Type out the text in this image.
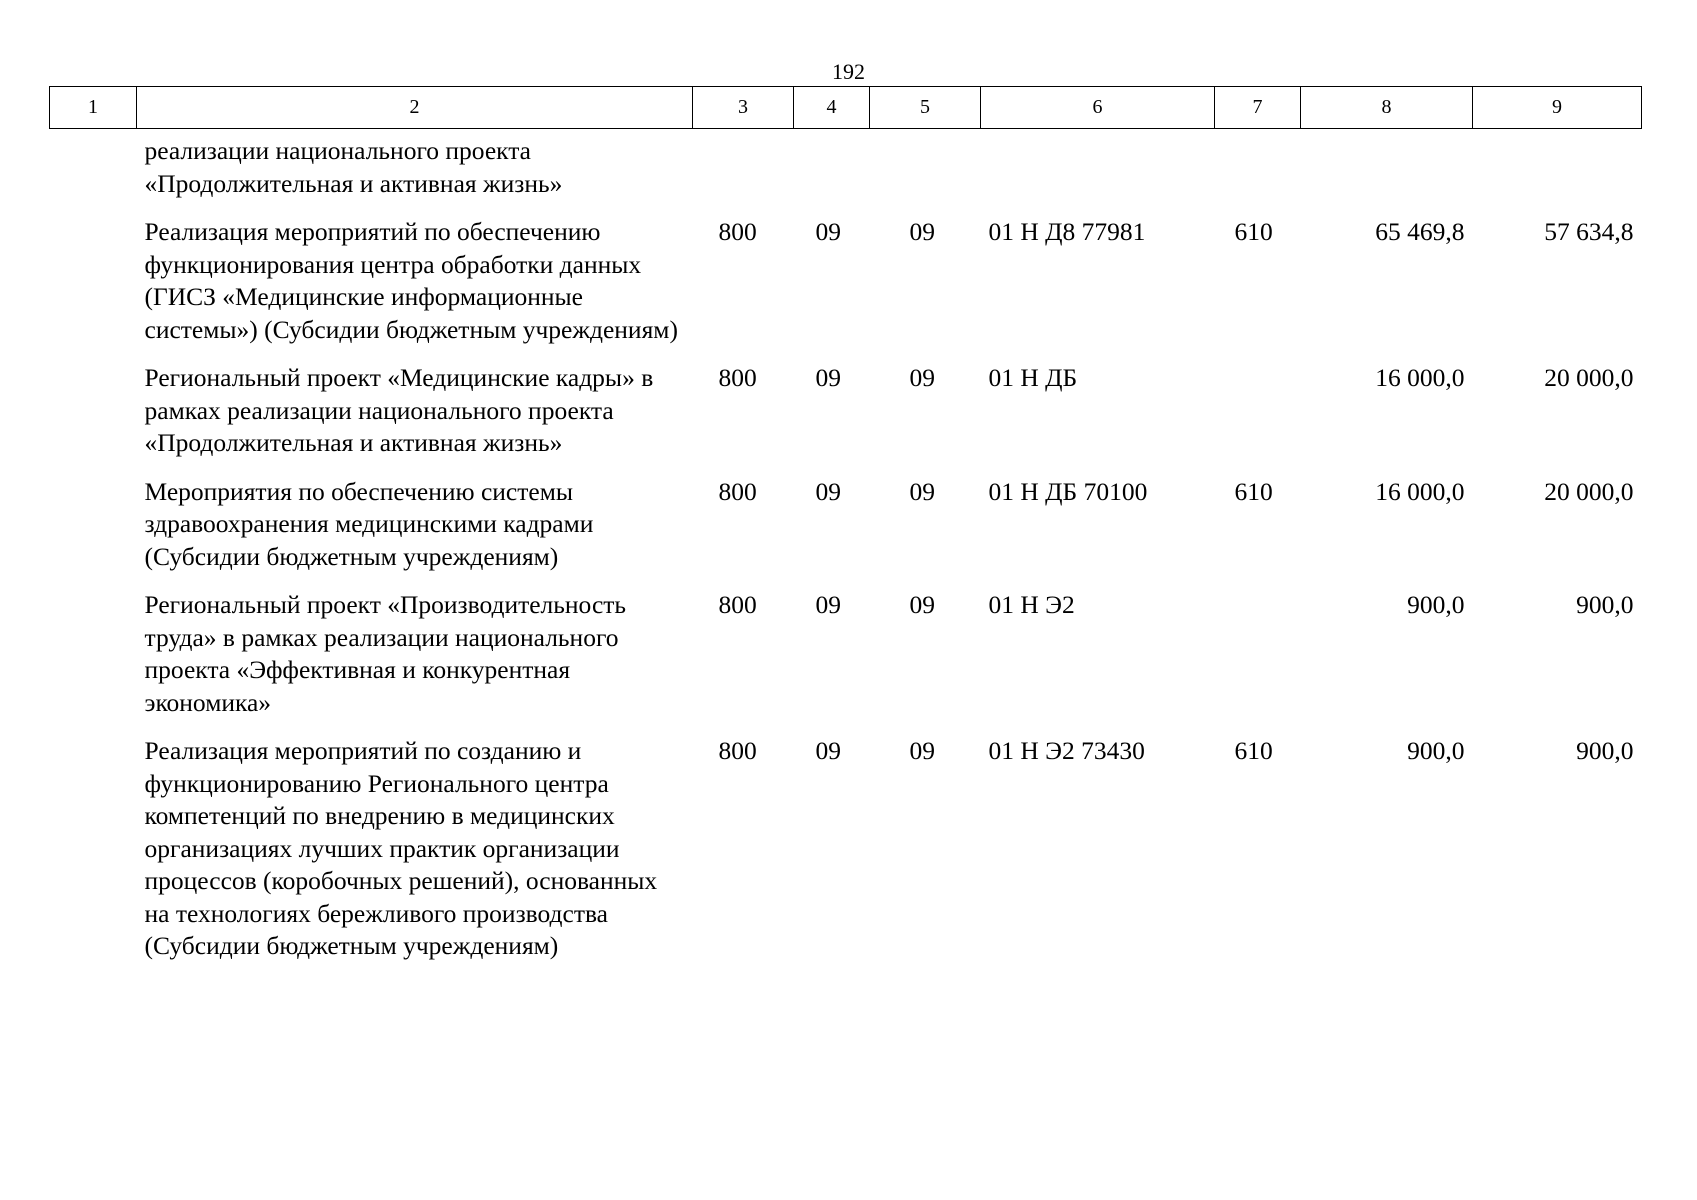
192
1	2	3	4	5	6	7	8	9
реализации национального проекта «Продолжительная и активная жизнь»								
Реализация мероприятий по обеспечению функционирования центра обработки данных (ГИСЗ «Медицинские информационные системы») (Субсидии бюджетным учреждениям)		800	09	09	01 Н Д8 77981	610	65 469,8	57 634,8
Региональный проект «Медицинские кадры» в рамках реализации национального проекта «Продолжительная и активная жизнь»		800	09	09	01 Н ДБ		16 000,0	20 000,0
Мероприятия по обеспечению системы здравоохранения медицинскими кадрами (Субсидии бюджетным учреждениям)		800	09	09	01 Н ДБ 70100	610	16 000,0	20 000,0
Региональный проект «Производительность труда» в рамках реализации национального проекта «Эффективная и конкурентная экономика»		800	09	09	01 Н Э2		900,0	900,0
Реализация мероприятий по созданию и функционированию Регионального центра компетенций по внедрению в медицинских организациях лучших практик организации процессов (коробочных решений), основанных на технологиях бережливого производства (Субсидии бюджетным учреждениям)		800	09	09	01 Н Э2 73430	610	900,0	900,0
